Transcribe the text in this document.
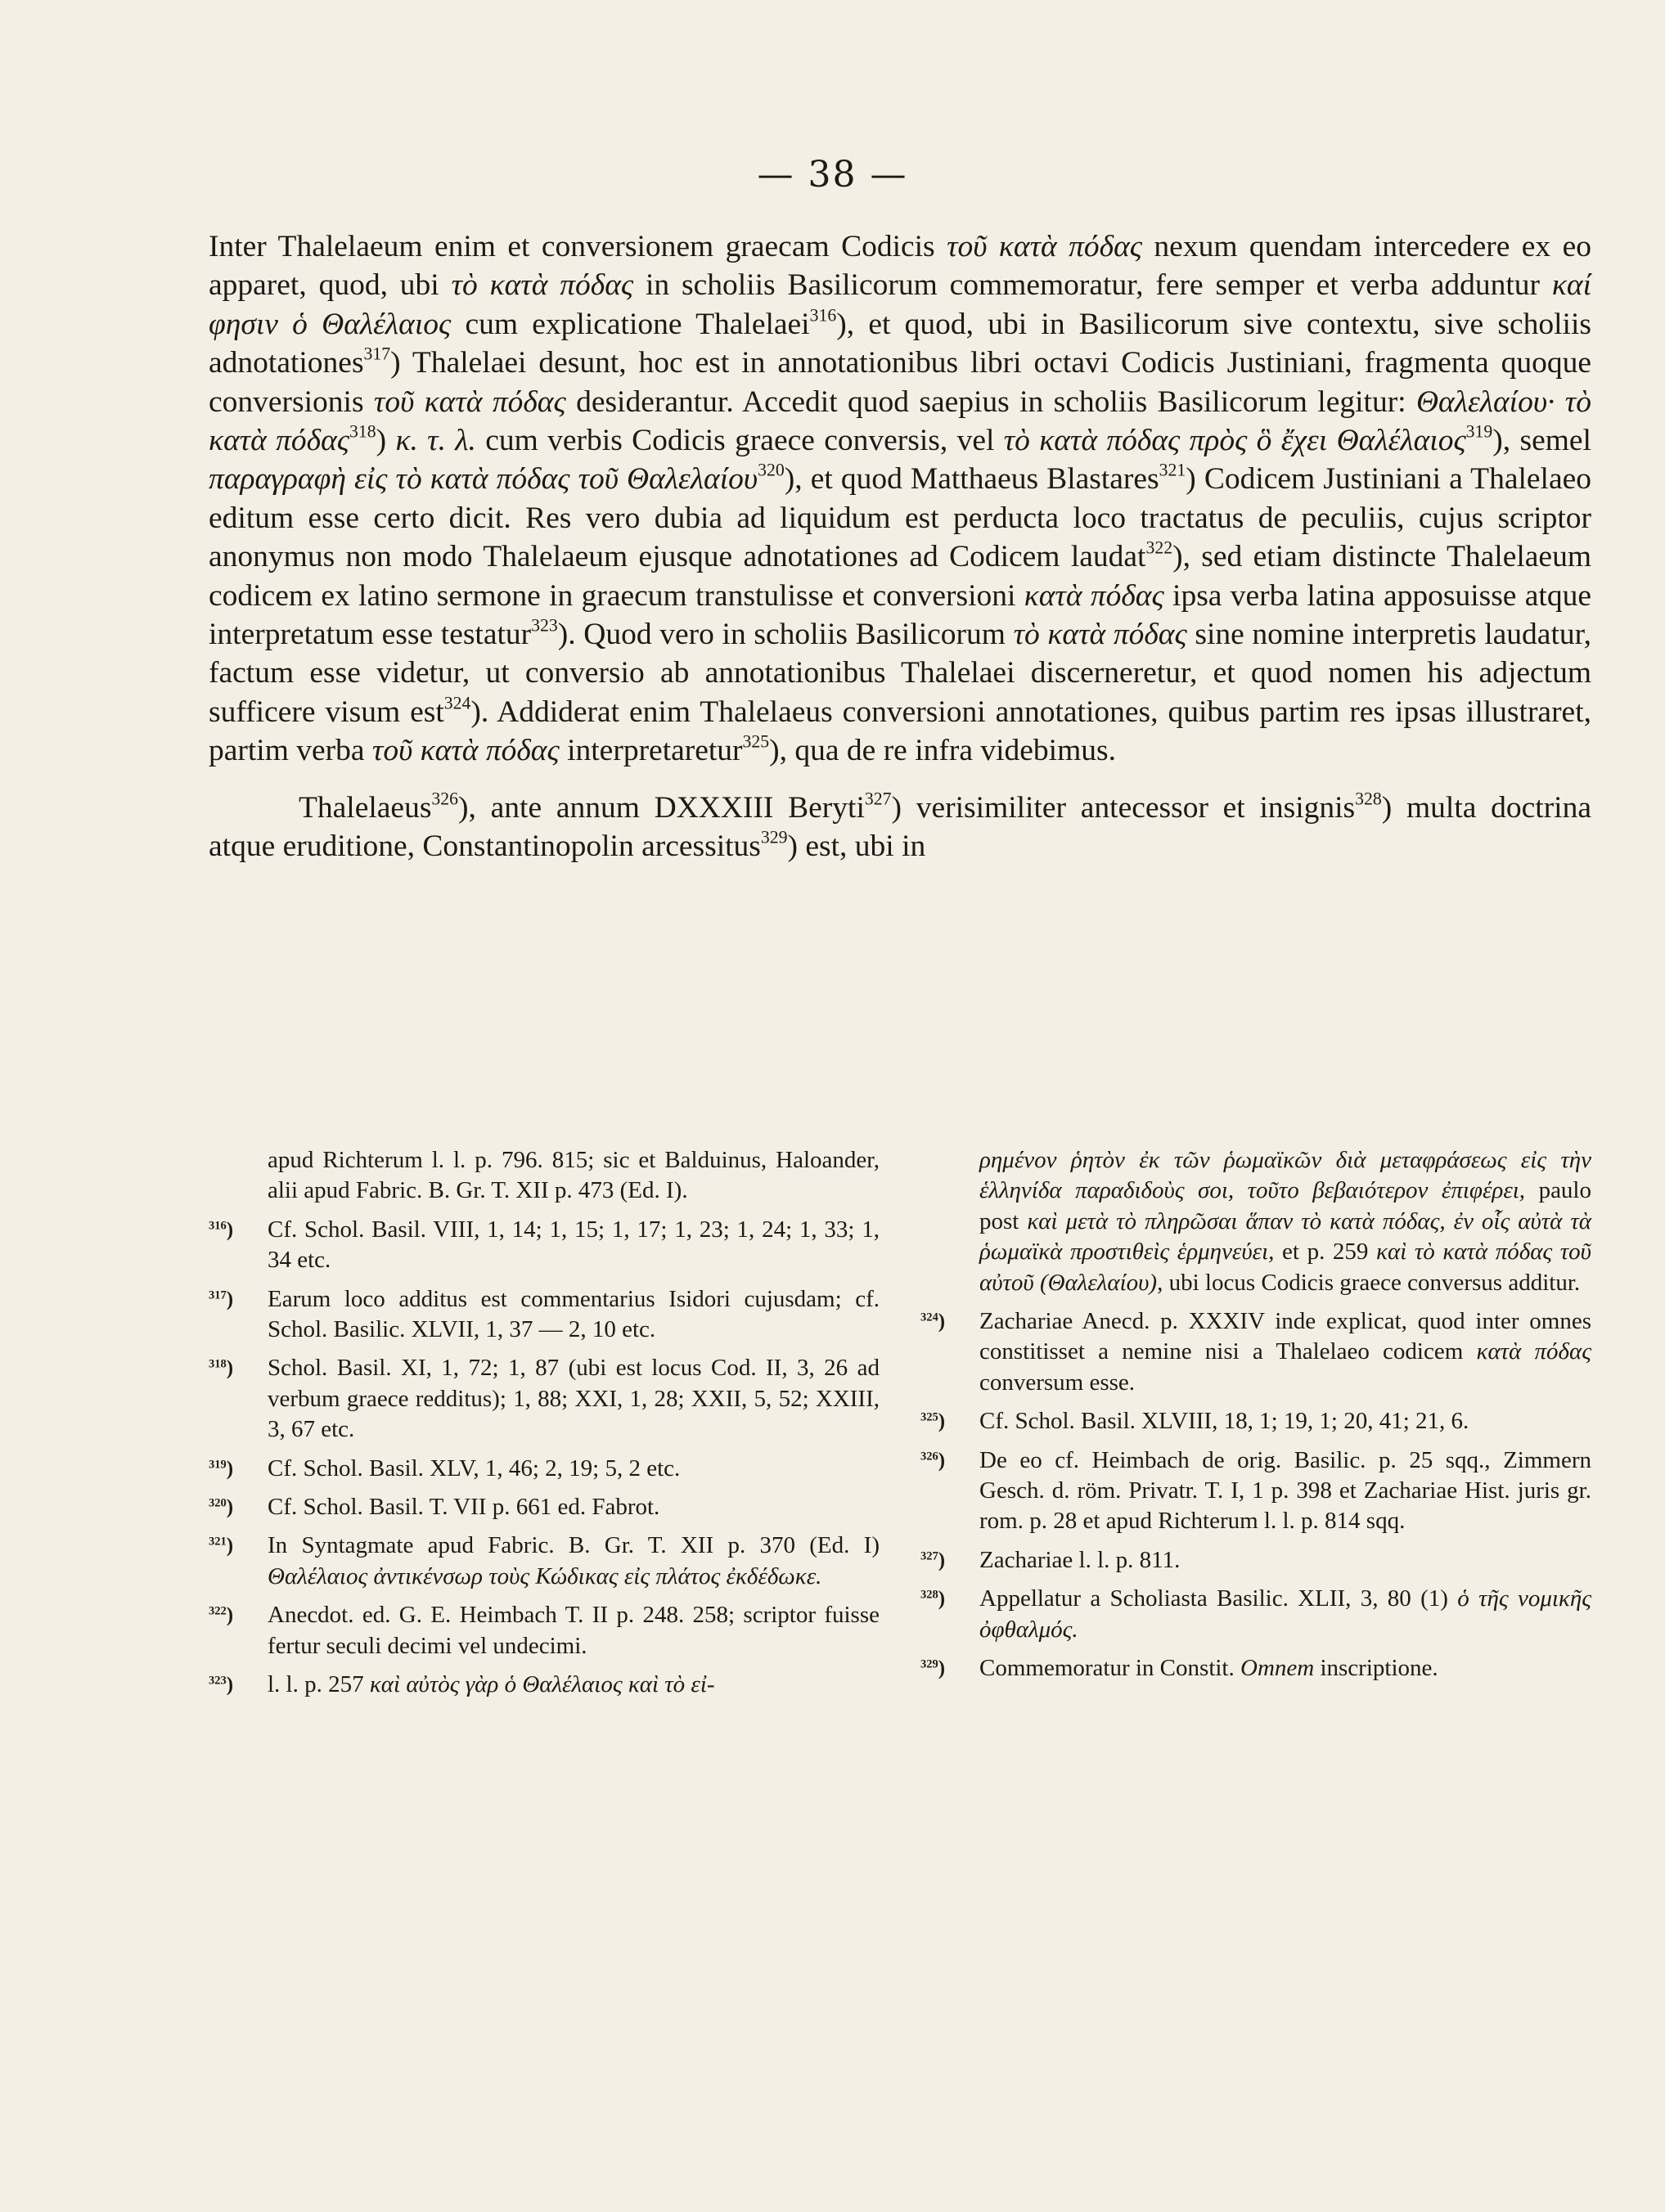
— 38 —

Inter Thalelaeum enim et conversionem graecam Codicis τοῦ κατὰ πόδας nexum quendam intercedere ex eo apparet, quod, ubi τὸ κατὰ πόδας in scholiis Basilicorum commemoratur, fere semper et verba adduntur καί φησιν ὁ Θαλέλαιος cum explicatione Thalelaei$^{316}$), et quod, ubi in Basilicorum sive contextu, sive scholiis adnotationes$^{317}$) Thalelaei desunt, hoc est in annotationibus libri octavi Codicis Justiniani, fragmenta quoque conversionis τοῦ κατὰ πόδας desiderantur. Accedit quod saepius in scholiis Basilicorum legitur: Θαλελαίου· τὸ κατὰ πόδας$^{318}$) κ. τ. λ. cum verbis Codicis graece conversis, vel τὸ κατὰ πόδας πρὸς ὃ ἔχει Θαλέλαιος$^{319}$), semel παραγραφὴ εἰς τὸ κατὰ πόδας τοῦ Θαλελαίου$^{320}$), et quod Matthaeus Blastares$^{321}$) Codicem Justiniani a Thalelaeo editum esse certo dicit. Res vero dubia ad liquidum est perducta loco tractatus de peculiis, cujus scriptor anonymus non modo Thalelaeum ejusque adnotationes ad Codicem laudat$^{322}$), sed etiam distincte Thalelaeum codicem ex latino sermone in graecum transtulisse et conversioni κατὰ πόδας ipsa verba latina apposuisse atque interpretatum esse testatur$^{323}$). Quod vero in scholiis Basilicorum τὸ κατὰ πόδας sine nomine interpretis laudatur, factum esse videtur, ut conversio ab annotationibus Thalelaei discerneretur, et quod nomen his adjectum sufficere visum est$^{324}$). Addiderat enim Thalelaeus conversioni annotationes, quibus partim res ipsas illustraret, partim verba τοῦ κατὰ πόδας interpretaretur$^{325}$), qua de re infra videbimus.

Thalelaeus$^{326}$), ante annum DXXXIII Beryti$^{327}$) verisimiliter antecessor et insignis$^{328}$) multa doctrina atque eruditione, Constantinopolin arcessitus$^{329}$) est, ubi in

apud Richterum l. l. p. 796. 815; sic et Balduinus, Haloander, alii apud Fabric. B. Gr. T. XII p. 473 (Ed. I).
$^{316}$)	Cf. Schol. Basil. VIII, 1, 14; 1, 15; 1, 17; 1, 23; 1, 24; 1, 33; 1, 34 etc.
$^{317}$)	Earum loco additus est commentarius Isidori cujusdam; cf. Schol. Basilic. XLVII, 1, 37 — 2, 10 etc.
$^{318}$)	Schol. Basil. XI, 1, 72; 1, 87 (ubi est locus Cod. II, 3, 26 ad verbum graece redditus); 1, 88; XXI, 1, 28; XXII, 5, 52; XXIII, 3, 67 etc.
$^{319}$)	Cf. Schol. Basil. XLV, 1, 46; 2, 19; 5, 2 etc.
$^{320}$)	Cf. Schol. Basil. T. VII p. 661 ed. Fabrot.
$^{321}$)	In Syntagmate apud Fabric. B. Gr. T. XII p. 370 (Ed. I) Θαλέλαιος ἀντικένσωρ τοὺς Κώδικας εἰς πλάτος ἐκδέδωκε.
$^{322}$)	Anecdot. ed. G. E. Heimbach T. II p. 248. 258; scriptor fuisse fertur seculi decimi vel undecimi.
$^{323}$)	l. l. p. 257 καὶ αὐτὸς γὰρ ὁ Θαλέλαιος καὶ τὸ εἰ-
ρημένον ῥητὸν ἐκ τῶν ῥωμαϊκῶν διὰ μεταφράσεως εἰς τὴν ἑλληνίδα παραδιδοὺς σοι, τοῦτο βεβαιότερον ἐπιφέρει, paulo post καὶ μετὰ τὸ πληρῶσαι ἅπαν τὸ κατὰ πόδας, ἐν οἷς αὐτὰ τὰ ῥωμαϊκὰ προστιθεὶς ἑρμηνεύει, et p. 259 καὶ τὸ κατὰ πόδας τοῦ αὐτοῦ (Θαλελαίου), ubi locus Codicis graece conversus additur.
$^{324}$)	Zachariae Anecd. p. XXXIV inde explicat, quod inter omnes constitisset a nemine nisi a Thalelaeo codicem κατὰ πόδας conversum esse.
$^{325}$)	Cf. Schol. Basil. XLVIII, 18, 1; 19, 1; 20, 41; 21, 6.
$^{326}$)	De eo cf. Heimbach de orig. Basilic. p. 25 sqq., Zimmern Gesch. d. röm. Privatr. T. I, 1 p. 398 et Zachariae Hist. juris gr. rom. p. 28 et apud Richterum l. l. p. 814 sqq.
$^{327}$)	Zachariae l. l. p. 811.
$^{328}$)	Appellatur a Scholiasta Basilic. XLII, 3, 80 (1) ὁ τῆς νομικῆς ὀφθαλμός.
$^{329}$)	Commemoratur in Constit. Omnem inscriptione.
